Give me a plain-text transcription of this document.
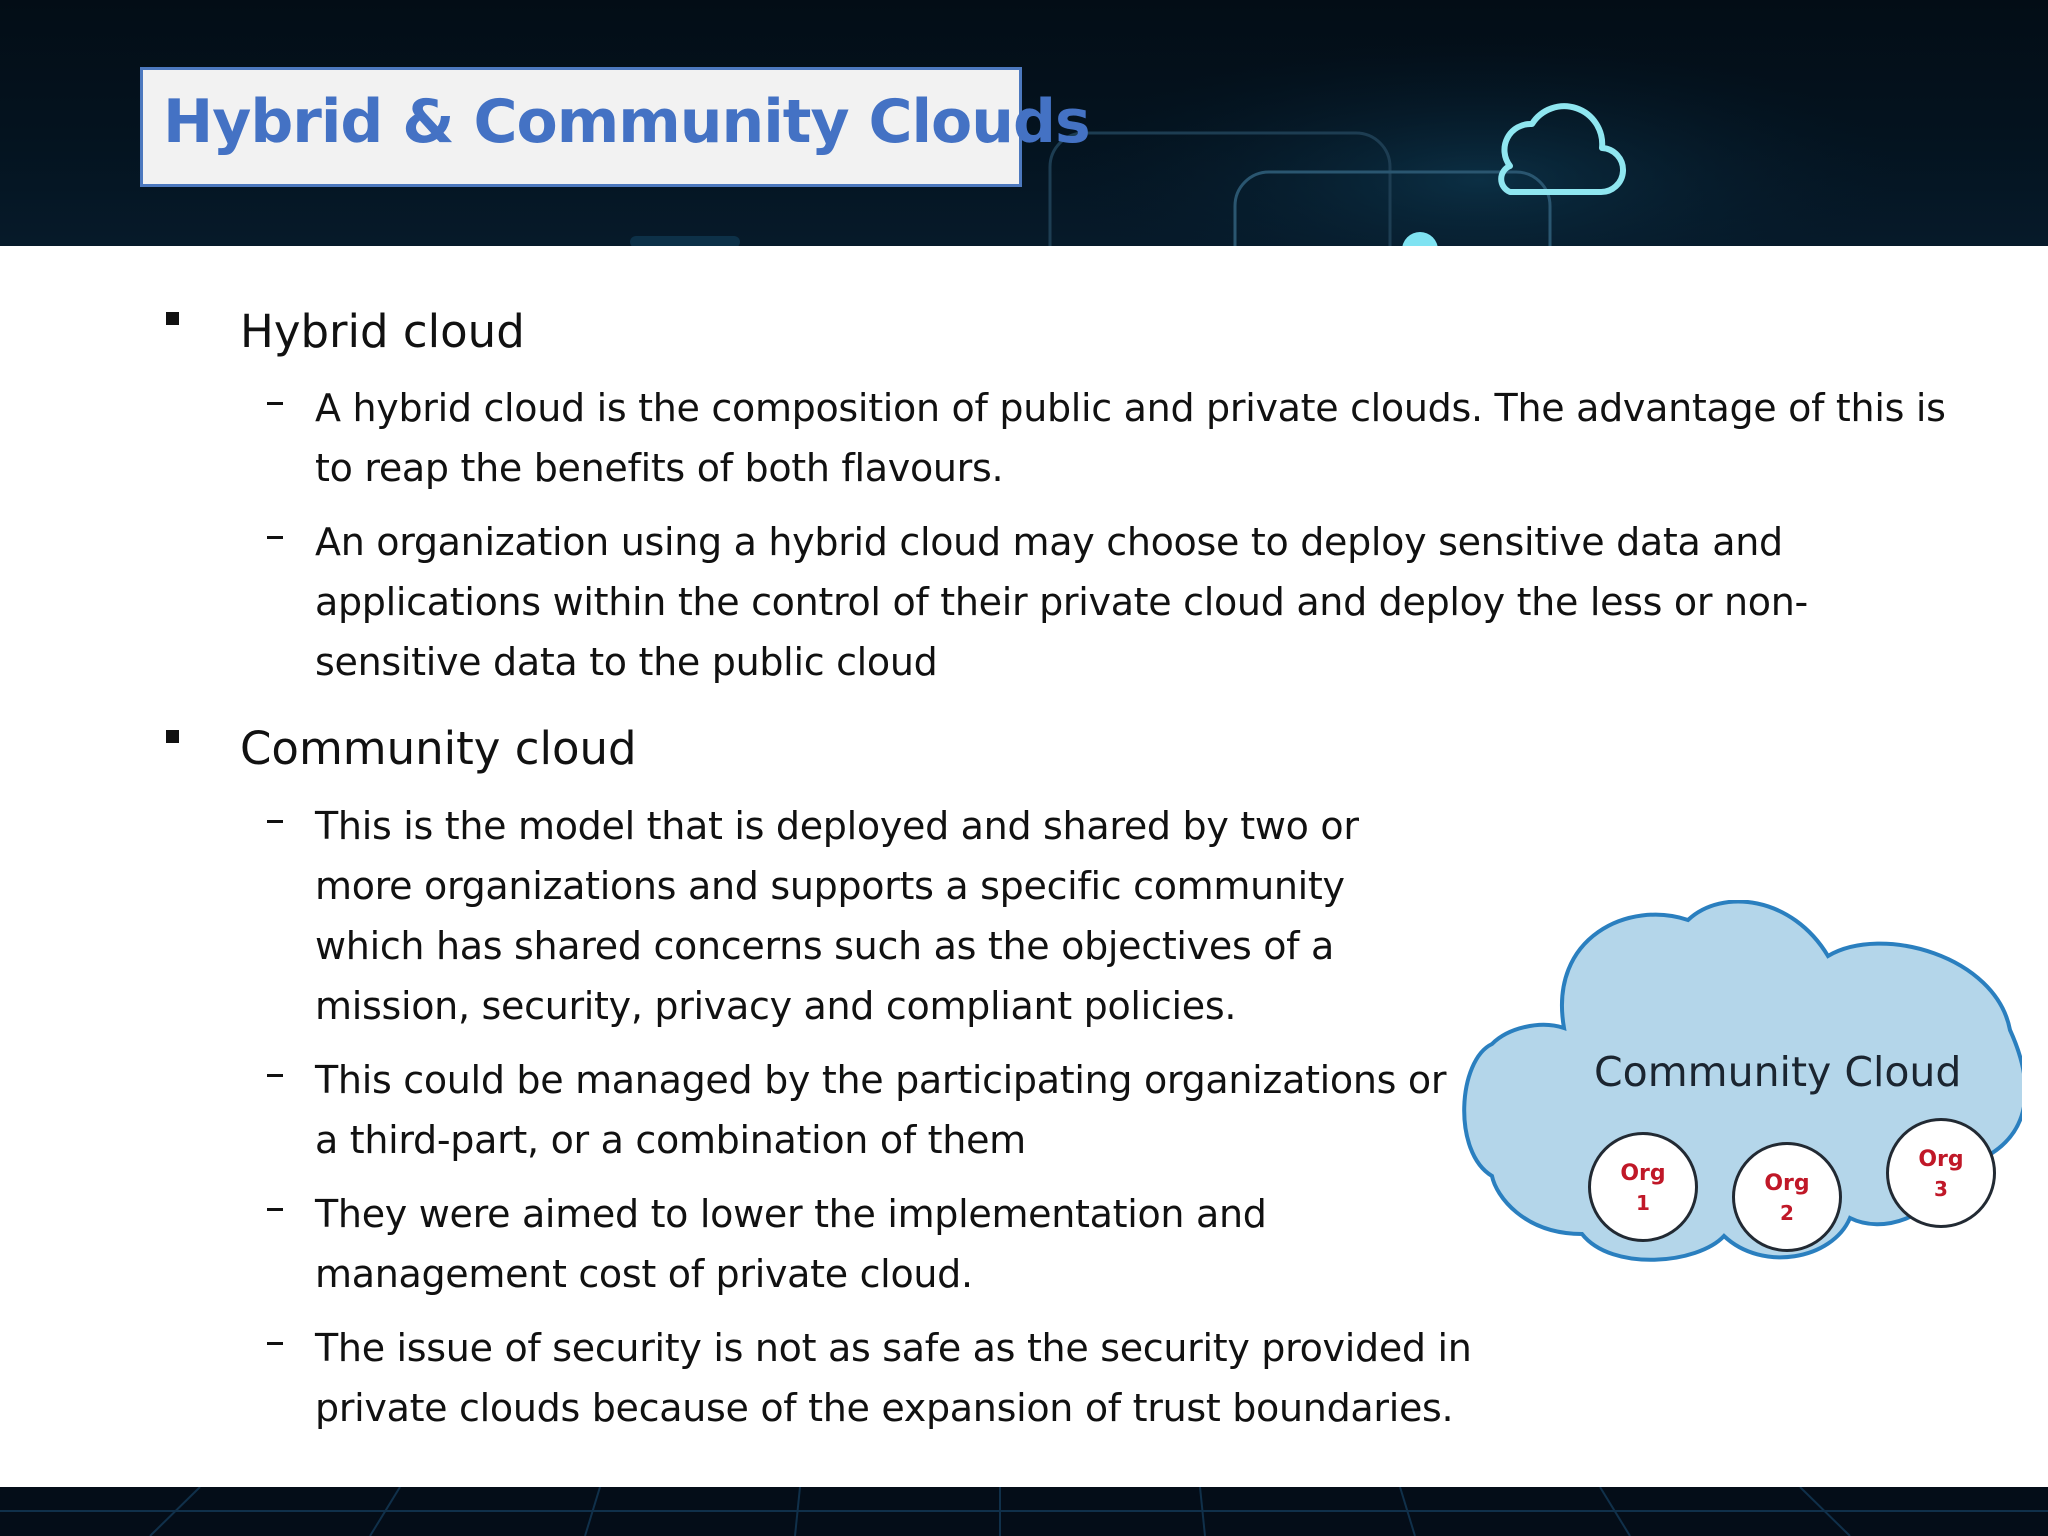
Hybrid & Community Clouds
Hybrid cloud
A hybrid cloud is the composition of public and private clouds. The advantage of this is
to reap the benefits of both flavours.
An organization using a hybrid cloud may choose to deploy sensitive data and
applications within the control of their private cloud and deploy the less or non-
sensitive data to the public cloud
Community cloud
This is the model that is deployed and shared by two or
more organizations and supports a specific community
which has shared concerns such as the objectives of a
mission, security, privacy and compliant policies.
This could be managed by the participating organizations or
a third-part, or a combination of them
They were aimed to lower the implementation and
management cost of private cloud.
The issue of security is not as safe as the security provided in
private clouds because of the expansion of trust boundaries.
Community Cloud
Org
1
Org
2
Org
3
